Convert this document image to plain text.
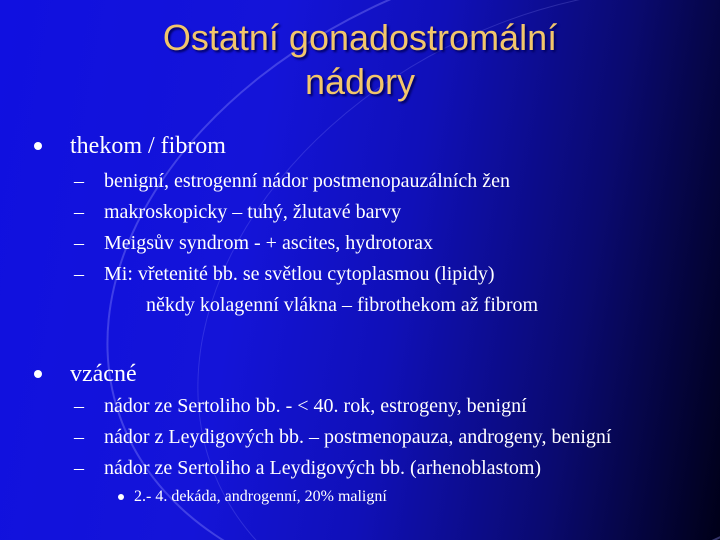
Ostatní gonadostromální
nádory
thekom / fibrom
– benigní, estrogenní nádor postmenopauzálních žen
– makroskopicky – tuhý, žlutavé barvy
– Meigsův syndrom - + ascites, hydrotorax
– Mi: vřetenité bb. se světlou cytoplasmou (lipidy)
někdy kolagenní vlákna – fibrothekom až fibrom
vzácné
– nádor ze Sertoliho bb. - < 40. rok, estrogeny, benigní
– nádor z Leydigových bb. – postmenopauza, androgeny, benigní
– nádor ze Sertoliho a Leydigových bb. (arhenoblastom)
2.- 4. dekáda, androgenní, 20% maligní
